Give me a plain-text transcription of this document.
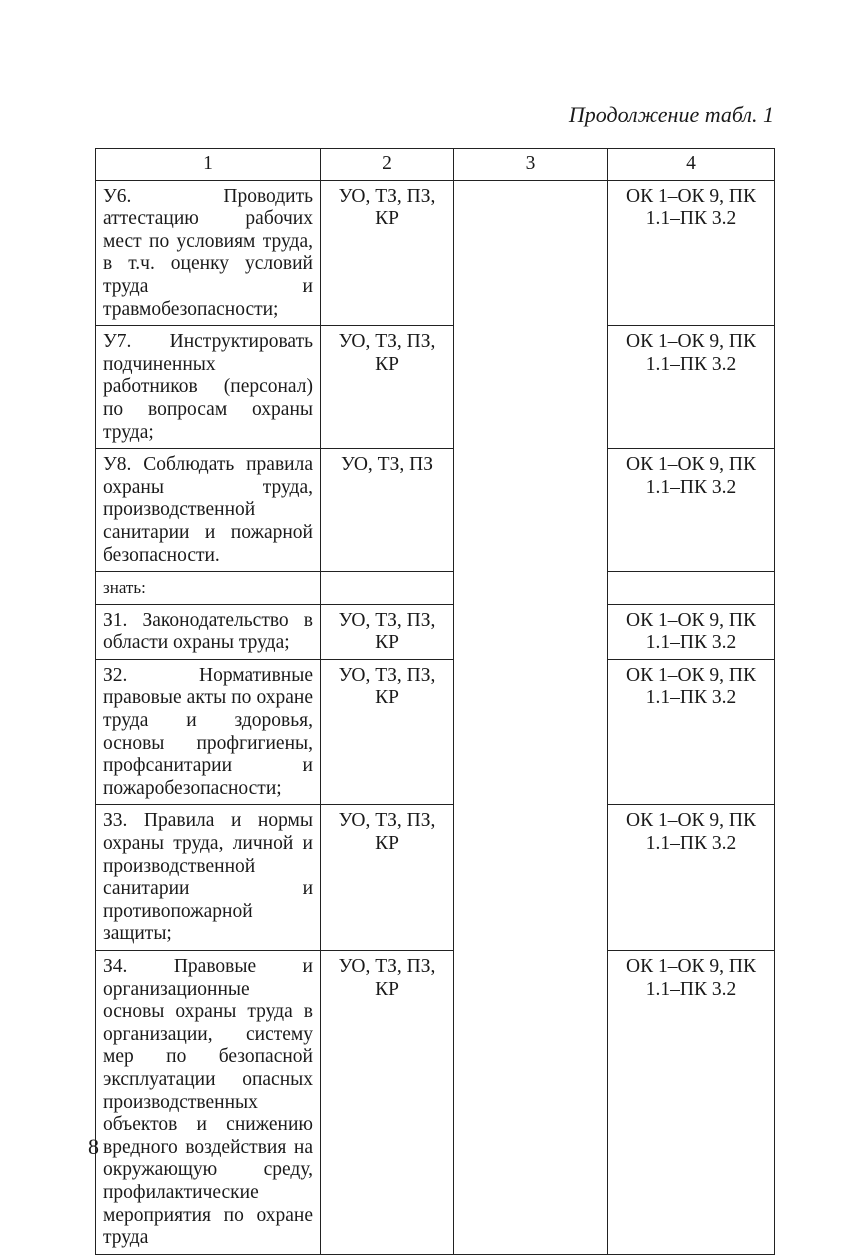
Продолжение табл. 1
1	2	3	4
У6. Проводить аттестацию рабочих мест по условиям труда, в т.ч. оценку условий труда и травмобезопасности;	УО, ТЗ, ПЗ, КР		ОК 1–ОК 9, ПК 1.1–ПК 3.2
У7. Инструктировать подчиненных работников (персонал) по вопросам охраны труда;	УО, ТЗ, ПЗ, КР		ОК 1–ОК 9, ПК 1.1–ПК 3.2
У8. Соблюдать правила охраны труда, производственной санитарии и пожарной безопасности.	УО, ТЗ, ПЗ		ОК 1–ОК 9, ПК 1.1–ПК 3.2
знать:			
З1. Законодательство в области охраны труда;	УО, ТЗ, ПЗ, КР		ОК 1–ОК 9, ПК 1.1–ПК 3.2
З2. Нормативные правовые акты по охране труда и здоровья, основы профгигиены, профсанитарии и пожаробезопасности;	УО, ТЗ, ПЗ, КР		ОК 1–ОК 9, ПК 1.1–ПК 3.2
З3. Правила и нормы охраны труда, личной и производственной санитарии и противопожарной защиты;	УО, ТЗ, ПЗ, КР		ОК 1–ОК 9, ПК 1.1–ПК 3.2
З4. Правовые и организационные основы охраны труда в организации, систему мер по безопасной эксплуатации опасных производственных объектов и снижению вредного воздействия на окружающую среду, профилактические мероприятия по охране труда	УО, ТЗ, ПЗ, КР		ОК 1–ОК 9, ПК 1.1–ПК 3.2
8
